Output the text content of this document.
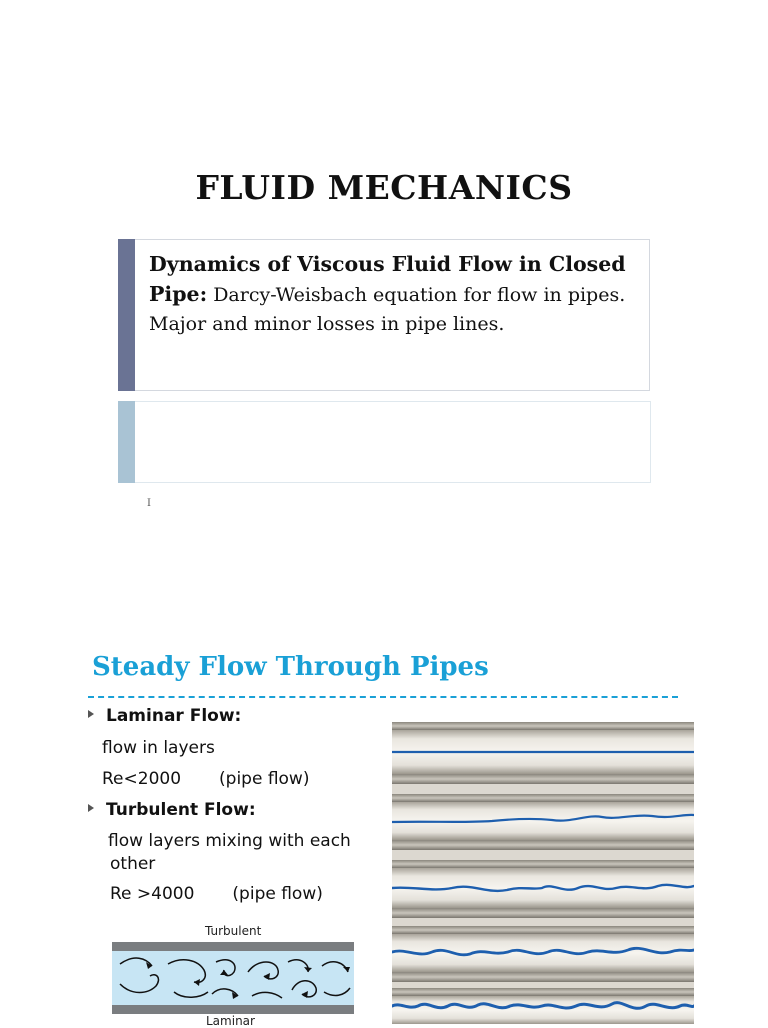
FLUID MECHANICS
Dynamics of Viscous Fluid Flow in Closed Pipe: Darcy-Weisbach equation for flow in pipes. Major and minor losses in pipe lines.
I
Steady Flow Through Pipes
Laminar Flow:
flow in layers
Re<2000 (pipe flow)
Turbulent Flow:
flow layers mixing with each
other
Re >4000 (pipe flow)
Turbulent
Laminar
